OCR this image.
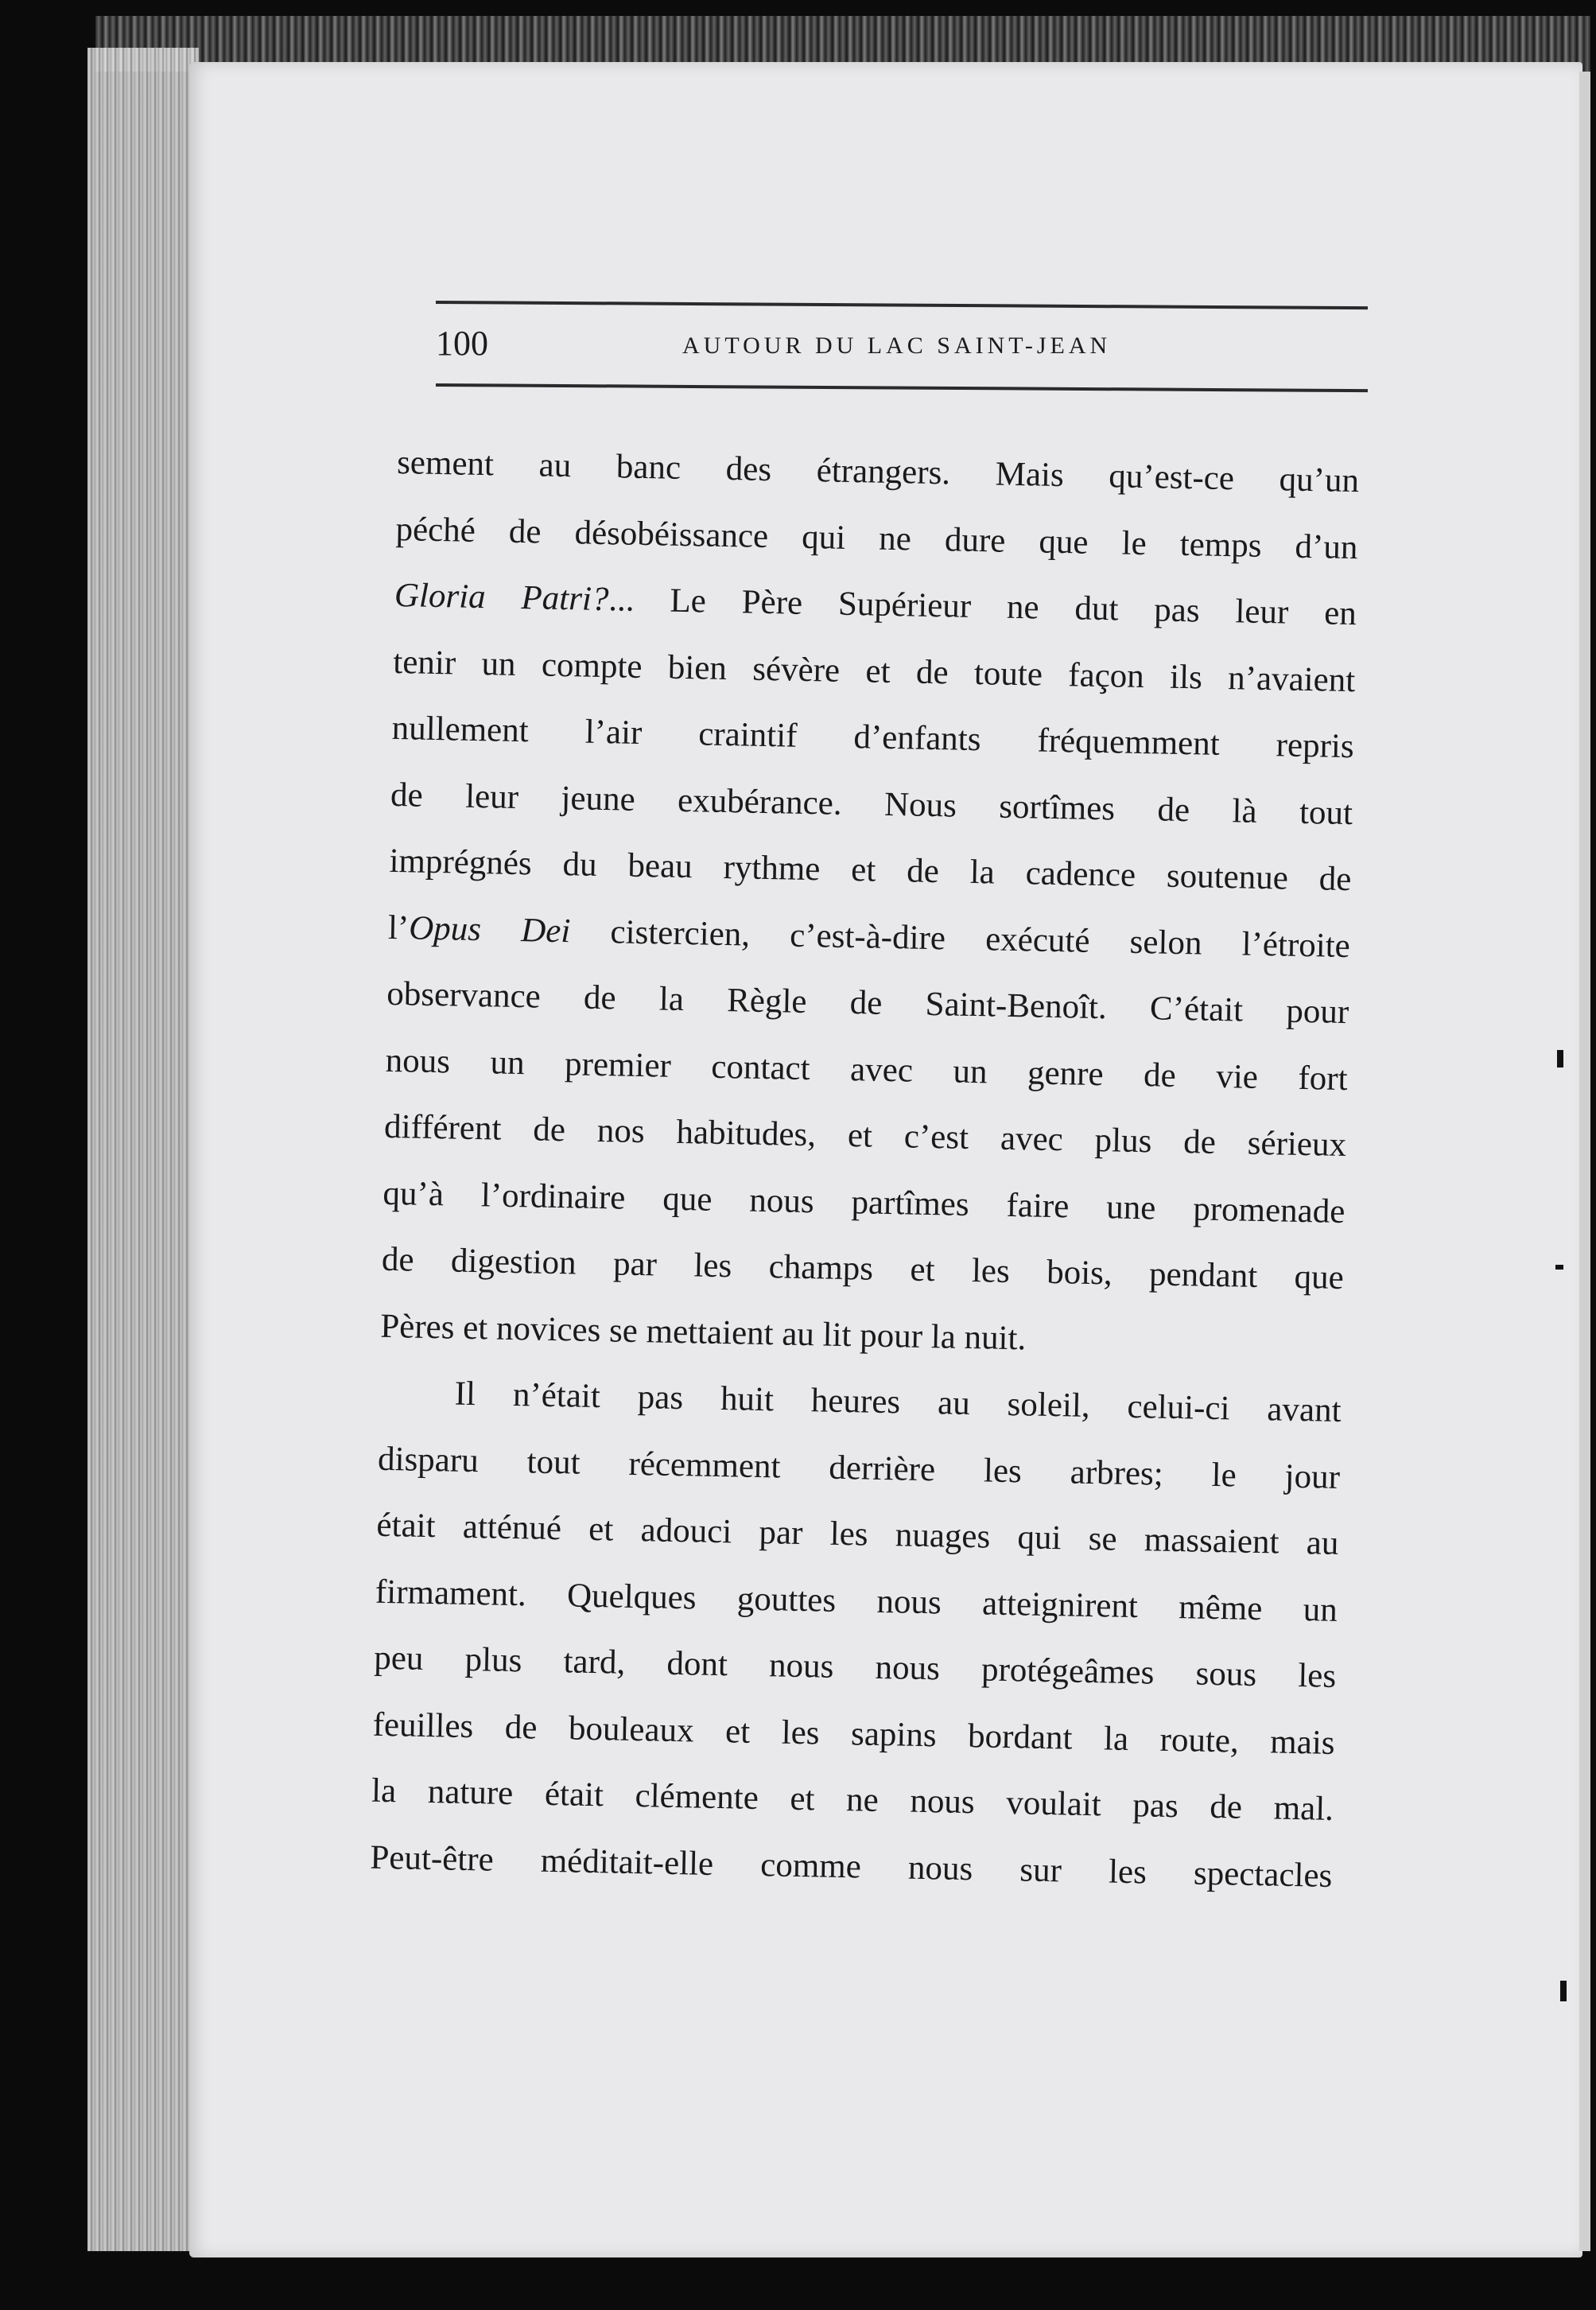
100	AUTOUR DU LAC SAINT-JEAN
sement au banc des étrangers. Mais qu’est-ce qu’un
péché de désobéissance qui ne dure que le temps d’un
Gloria Patri?... Le Père Supérieur ne dut pas leur en
tenir un compte bien sévère et de toute façon ils n’avaient
nullement l’air craintif d’enfants fréquemment repris
de leur jeune exubérance. Nous sortîmes de là tout
imprégnés du beau rythme et de la cadence soutenue de
l’Opus Dei cistercien, c’est-à-dire exécuté selon l’étroite
observance de la Règle de Saint-Benoît. C’était pour
nous un premier contact avec un genre de vie fort
différent de nos habitudes, et c’est avec plus de sérieux
qu’à l’ordinaire que nous partîmes faire une promenade
de digestion par les champs et les bois, pendant que
Pères et novices se mettaient au lit pour la nuit.
Il n’était pas huit heures au soleil, celui-ci avant
disparu tout récemment derrière les arbres; le jour
était atténué et adouci par les nuages qui se massaient au
firmament. Quelques gouttes nous atteignirent même un
peu plus tard, dont nous nous protégeâmes sous les
feuilles de bouleaux et les sapins bordant la route, mais
la nature était clémente et ne nous voulait pas de mal.
Peut-être méditait-elle comme nous sur les spectacles
